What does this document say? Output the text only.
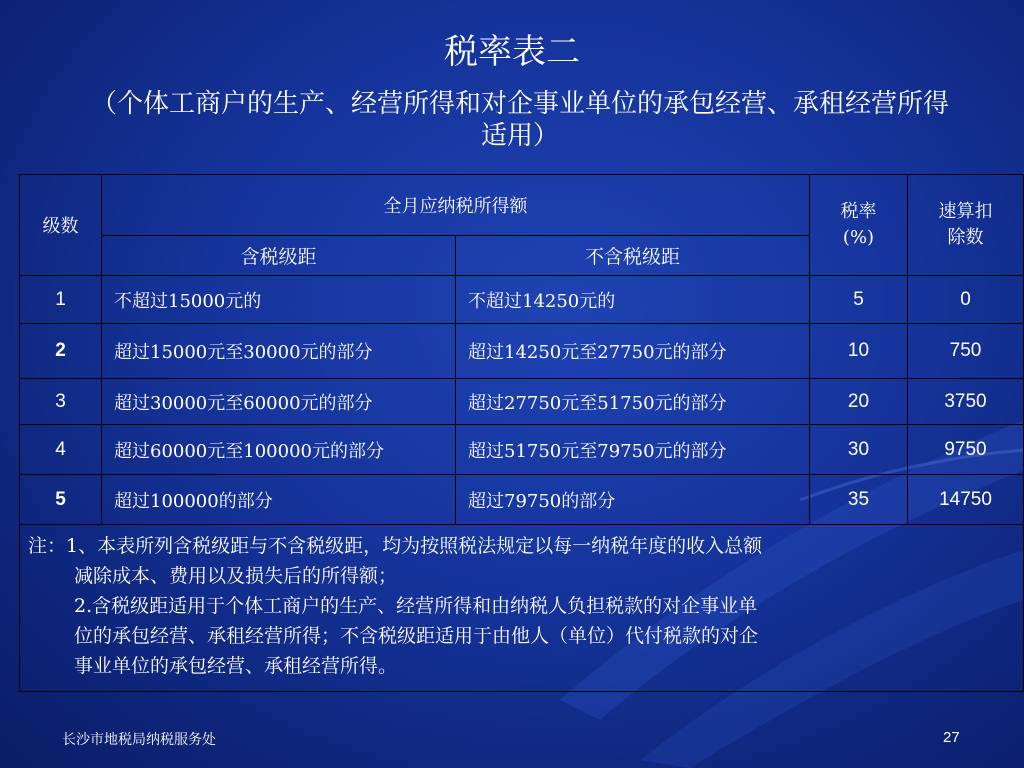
税率表二

（个体工商户的生产、经营所得和对企事业单位的承包经营、承租经营所得适用）

级数	全月应纳税所得额		税率(%)	速算扣除数
	含税级距	不含税级距		
1	不超过15000元的	不超过14250元的	5	0
2	超过15000元至30000元的部分	超过14250元至27750元的部分	10	750
3	超过30000元至60000元的部分	超过27750元至51750元的部分	20	3750
4	超过60000元至100000元的部分	超过51750元至79750元的部分	30	9750
5	超过100000的部分	超过79750的部分	35	14750

注：1、本表所列含税级距与不含税级距，均为按照税法规定以每一纳税年度的收入总额

减除成本、费用以及损失后的所得额；

2.含税级距适用于个体工商户的生产、经营所得和由纳税人负担税款的对企事业单

位的承包经营、承租经营所得；不含税级距适用于由他人（单位）代付税款的对企

事业单位的承包经营、承租经营所得。				

长沙市地税局纳税服务处	27
